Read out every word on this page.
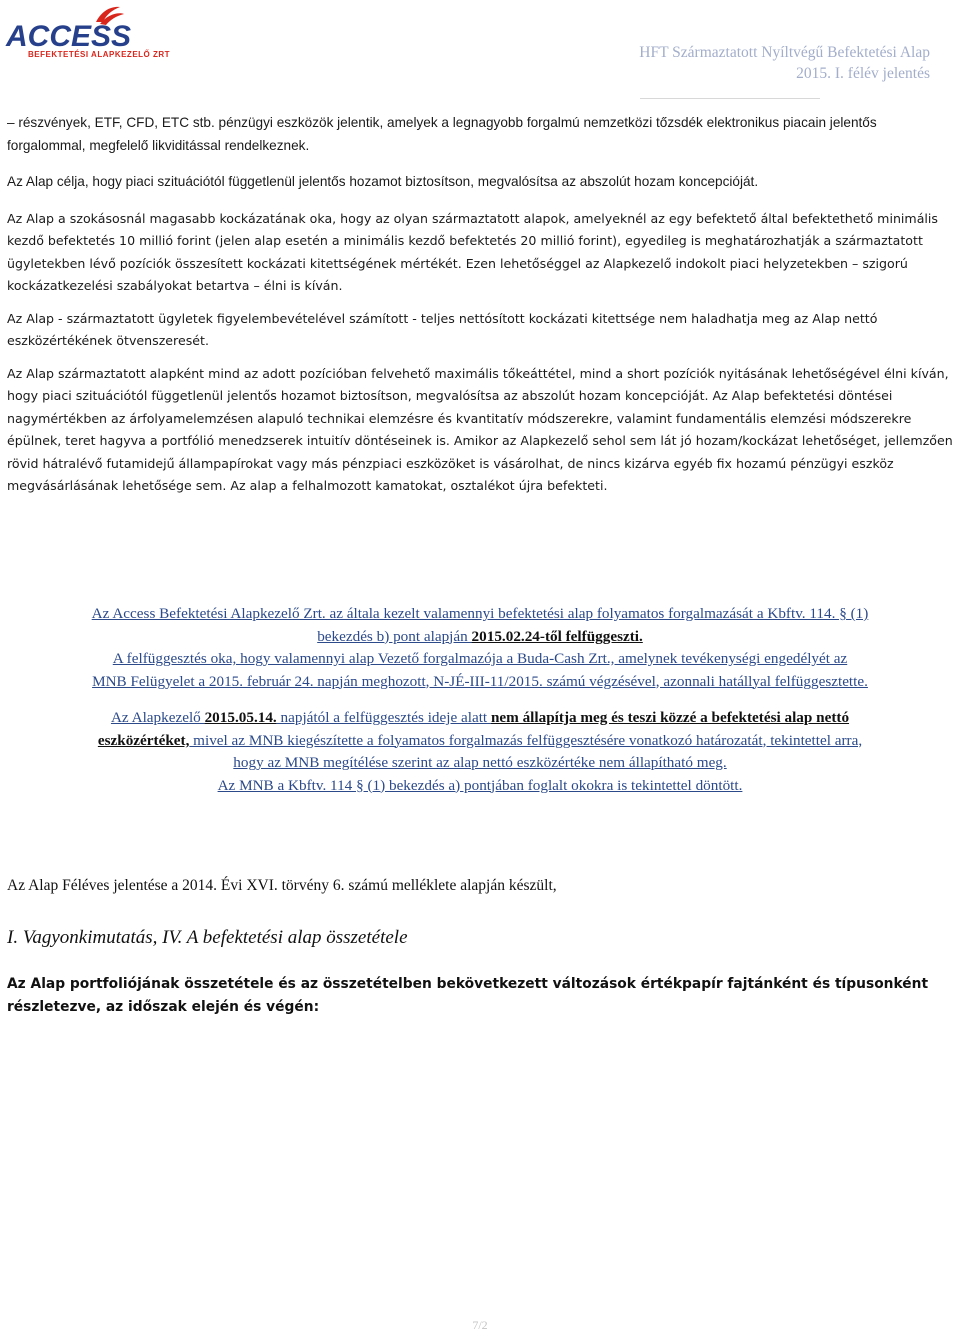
ACCESS
BEFEKTETÉSI ALAPKEZELŐ ZRT	HFT Származtatott Nyíltvégű Befektetési Alap
2015. I. félév jelentés

– részvények, ETF, CFD, ETC stb. pénzügyi eszközök jelentik, amelyek a legnagyobb forgalmú nemzetközi tőzsdék elektronikus piacain jelentős forgalommal, megfelelő likviditással rendelkeznek.

Az Alap célja, hogy piaci szituációtól függetlenül jelentős hozamot biztosítson, megvalósítsa az abszolút hozam koncepcióját.

Az Alap a szokásosnál magasabb kockázatának oka, hogy az olyan származtatott alapok, amelyeknél az egy befektető által befektethető minimális kezdő befektetés 10 millió forint (jelen alap esetén a minimális kezdő befektetés 20 millió forint), egyedileg is meghatározhatják a származtatott ügyletekben lévő pozíciók összesített kockázati kitettségének mértékét. Ezen lehetőséggel az Alapkezelő indokolt piaci helyzetekben – szigorú kockázatkezelési szabályokat betartva – élni is kíván.

Az Alap - származtatott ügyletek figyelembevételével számított - teljes nettósított kockázati kitettsége nem haladhatja meg az Alap nettó eszközértékének ötvenszeresét.

Az Alap származtatott alapként mind az adott pozícióban felvehető maximális tőkeáttétel, mind a short pozíciók nyitásának lehetőségével élni kíván, hogy piaci szituációtól függetlenül jelentős hozamot biztosítson, megvalósítsa az abszolút hozam koncepcióját. Az Alap befektetési döntései nagymértékben az árfolyamelemzésen alapuló technikai elemzésre és kvantitatív módszerekre, valamint fundamentális elemzési módszerekre épülnek, teret hagyva a portfólió menedzserek intuitív döntéseinek is. Amikor az Alapkezelő sehol sem lát jó hozam/kockázat lehetőséget, jellemzően rövid hátralévő futamidejű állampapírokat vagy más pénzpiaci eszközöket is vásárolhat, de nincs kizárva egyéb fix hozamú pénzügyi eszköz megvásárlásának lehetősége sem. Az alap a felhalmozott kamatokat, osztalékot újra befekteti.

Az Access Befektetési Alapkezelő Zrt. az általa kezelt valamennyi befektetési alap folyamatos forgalmazását a Kbftv. 114. § (1)
bekezdés b) pont alapján 2015.02.24-től felfüggeszti.
A felfüggesztés oka, hogy valamennyi alap Vezető forgalmazója a Buda-Cash Zrt., amelynek tevékenységi engedélyét az
MNB Felügyelet a 2015. február 24. napján meghozott, N-JÉ-III-11/2015. számú végzésével, azonnali hatállyal felfüggesztette.
Az Alapkezelő 2015.05.14. napjától a felfüggesztés ideje alatt nem állapítja meg és teszi közzé a befektetési alap nettó
eszközértéket, mivel az MNB kiegészítette a folyamatos forgalmazás felfüggesztésére vonatkozó határozatát, tekintettel arra,
hogy az MNB megítélése szerint az alap nettó eszközértéke nem állapítható meg.
Az MNB a Kbftv. 114 § (1) bekezdés a) pontjában foglalt okokra is tekintettel döntött.
Az Alap Féléves jelentése a 2014. Évi XVI. törvény 6. számú melléklete alapján készült,
I. Vagyonkimutatás, IV. A befektetési alap összetétele
Az Alap portfoliójának összetétele és az összetételben bekövetkezett változások értékpapír fajtánként és típusonként részletezve, az időszak elején és végén:
7/2
